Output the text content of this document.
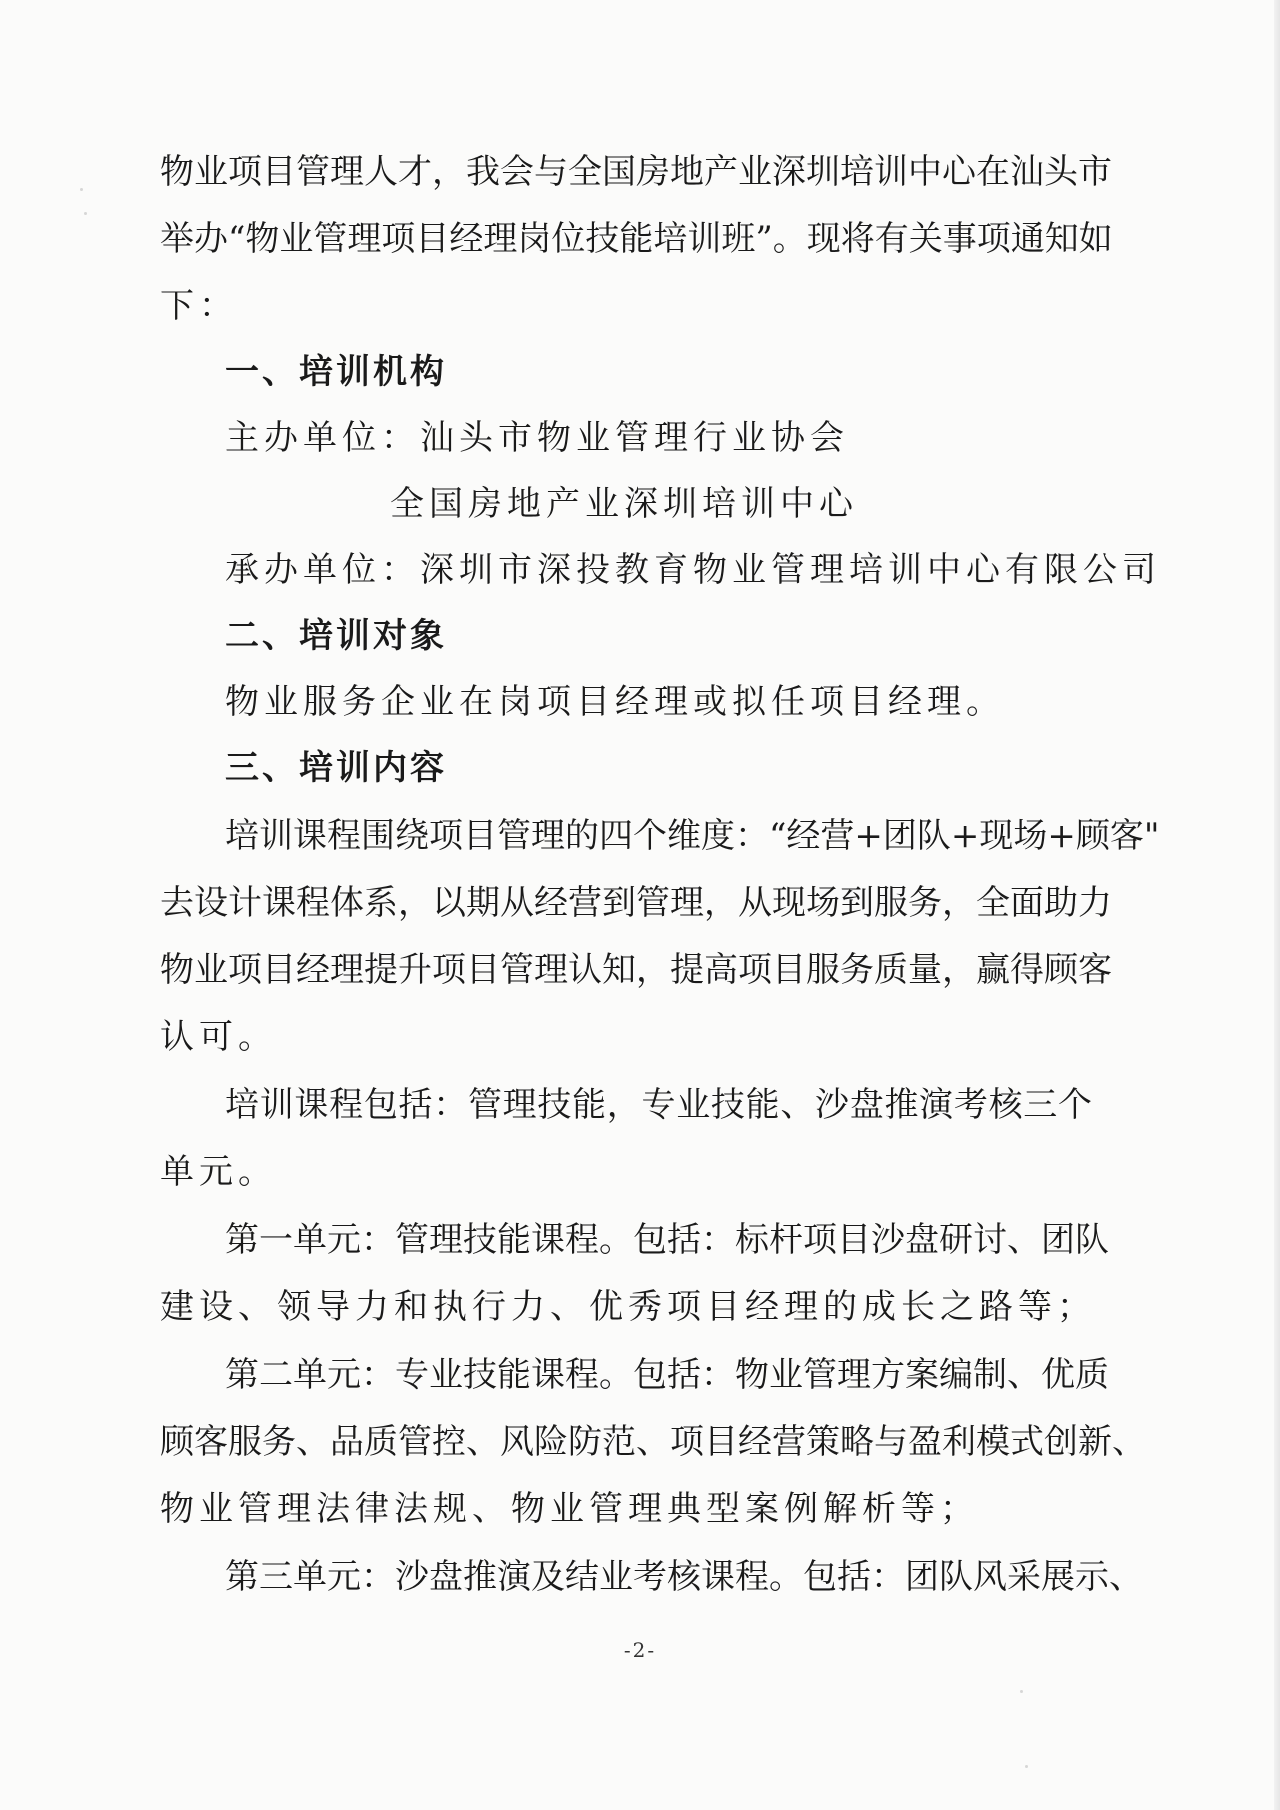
物业项目管理人才，我会与全国房地产业深圳培训中心在汕头市
举办“物业管理项目经理岗位技能培训班”。现将有关事项通知如
下：
一、培训机构
主办单位：汕头市物业管理行业协会
全国房地产业深圳培训中心
承办单位：深圳市深投教育物业管理培训中心有限公司
二、培训对象
物业服务企业在岗项目经理或拟任项目经理。
三、培训内容
培训课程围绕项目管理的四个维度：“经营+团队+现场+顾客"
去设计课程体系，以期从经营到管理，从现场到服务，全面助力
物业项目经理提升项目管理认知，提高项目服务质量，赢得顾客
认可。
培训课程包括：管理技能，专业技能、沙盘推演考核三个
单元。
第一单元：管理技能课程。包括：标杆项目沙盘研讨、团队
建设、领导力和执行力、优秀项目经理的成长之路等；
第二单元：专业技能课程。包括：物业管理方案编制、优质
顾客服务、品质管控、风险防范、项目经营策略与盈利模式创新、
物业管理法律法规、物业管理典型案例解析等；
第三单元：沙盘推演及结业考核课程。包括：团队风采展示、
-2-
